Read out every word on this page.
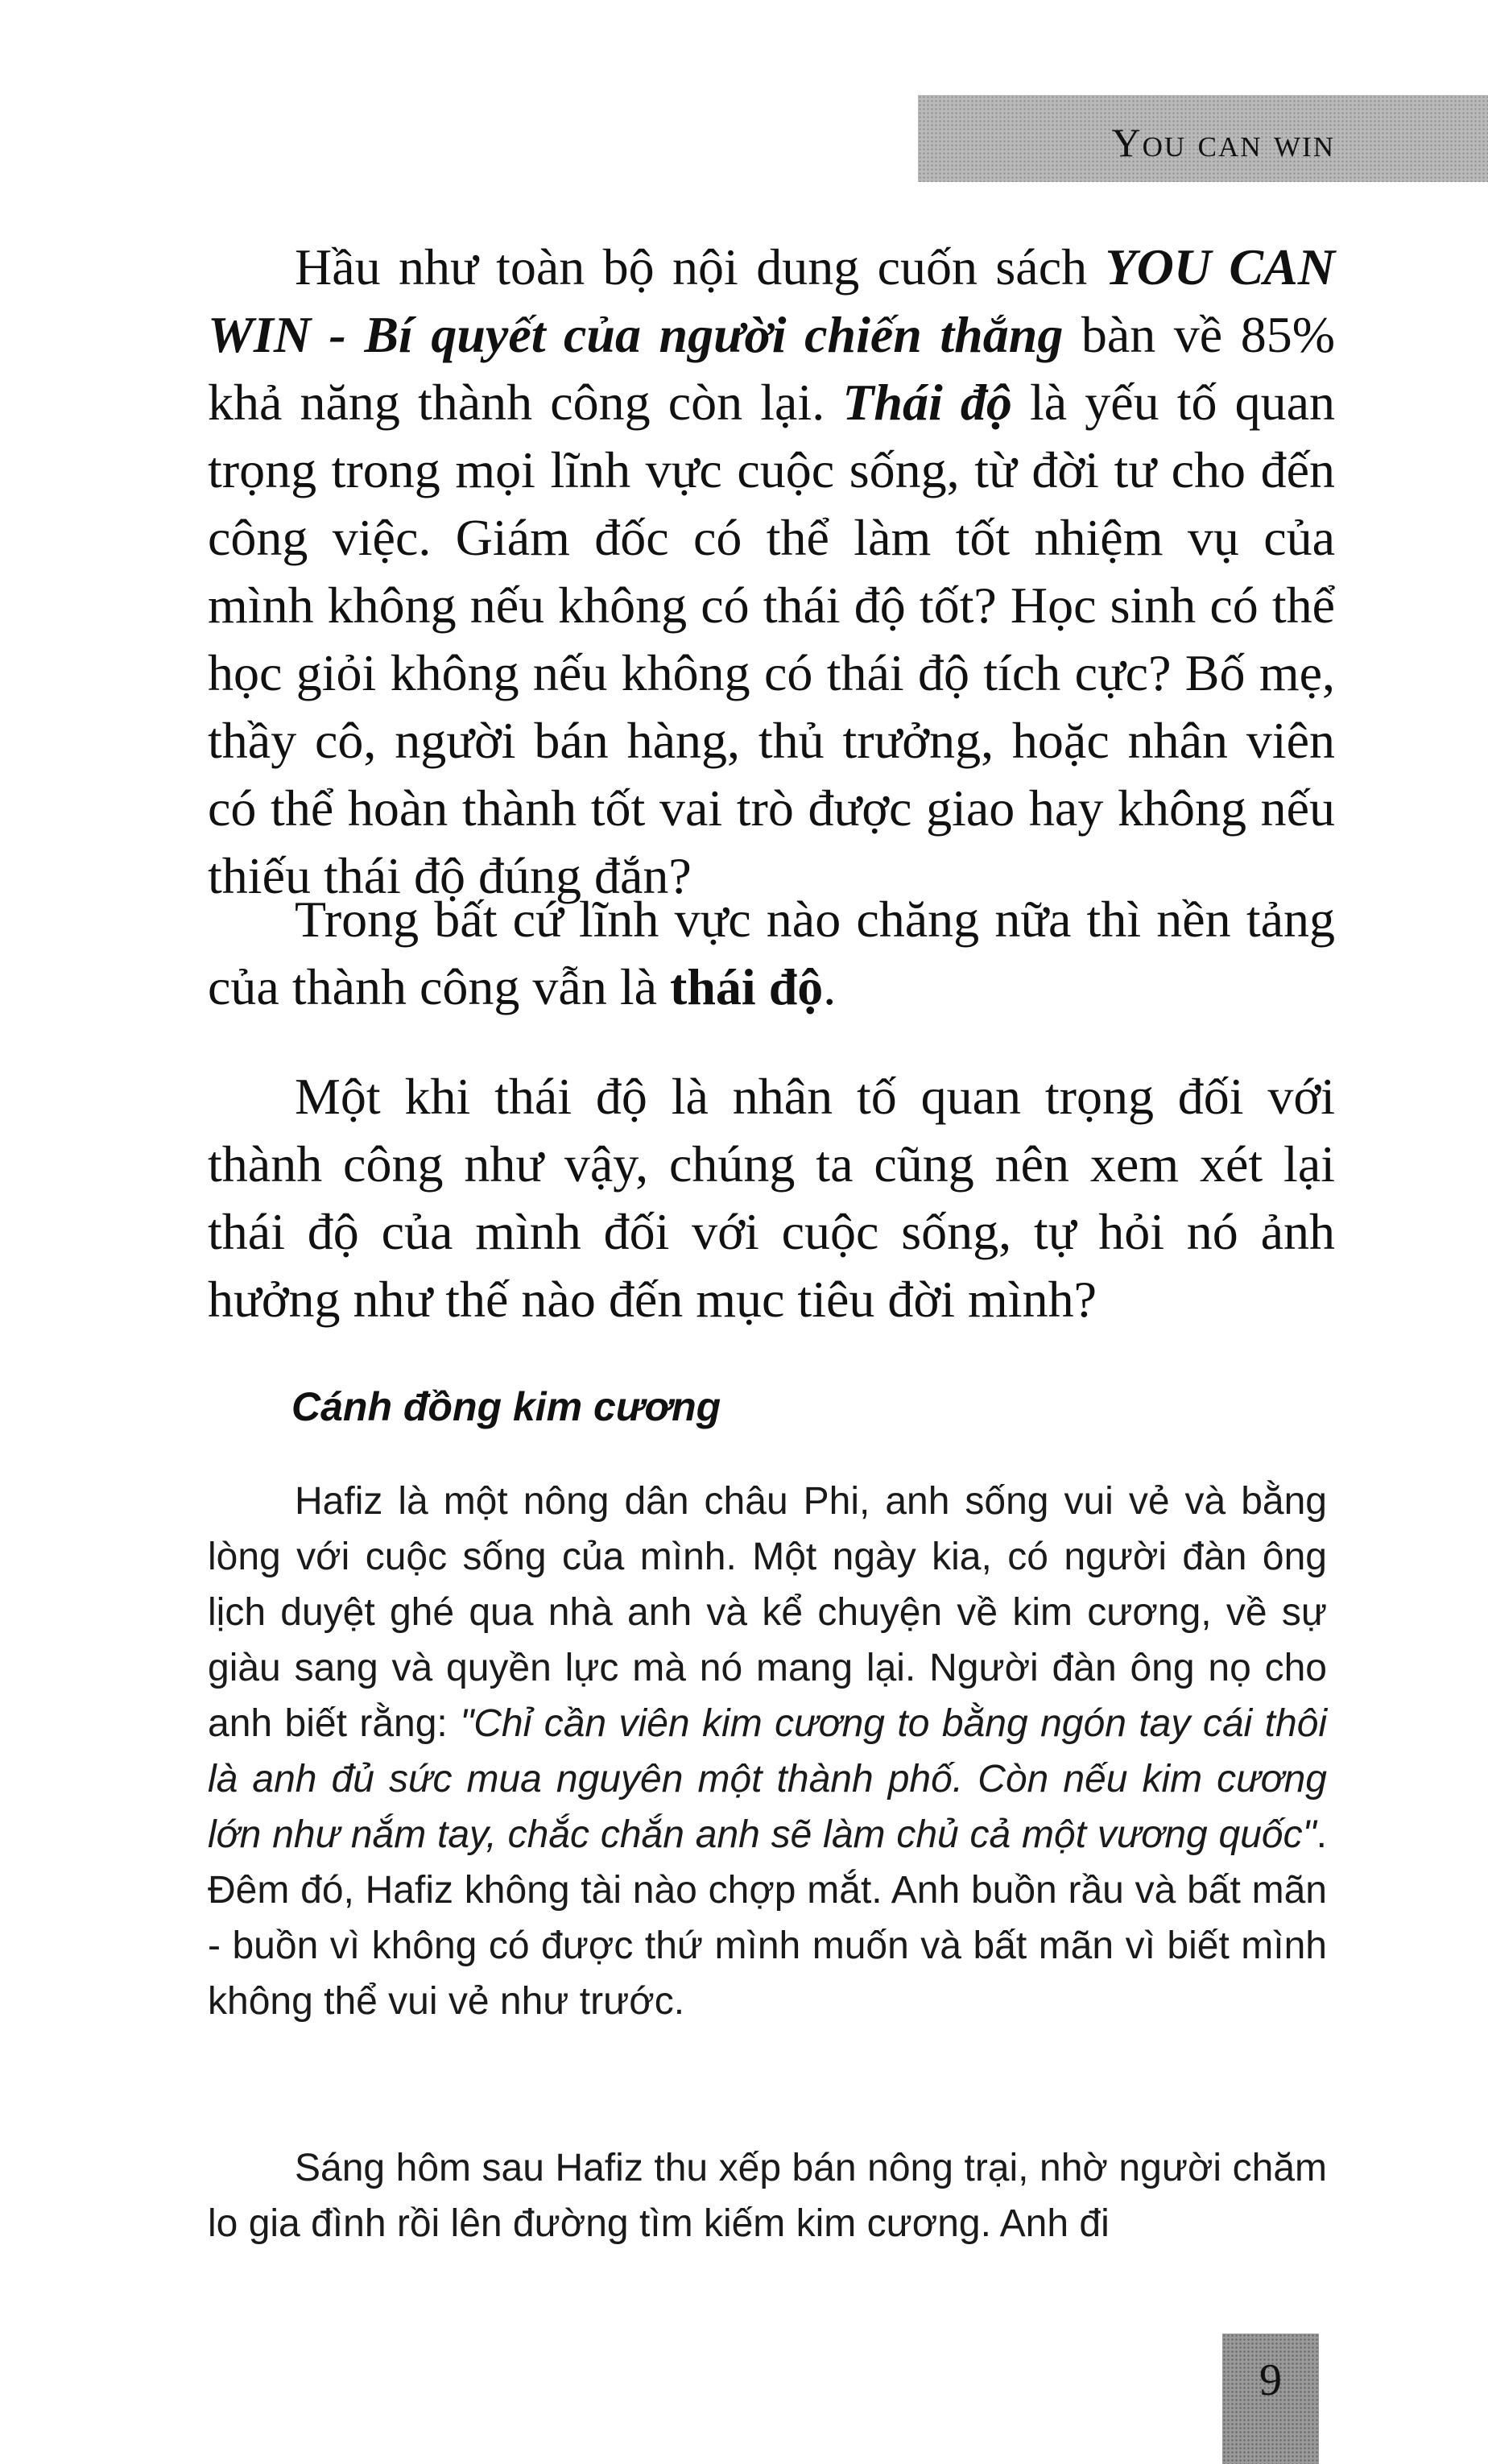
You can win

Hầu như toàn bộ nội dung cuốn sách YOU CAN WIN - Bí quyết của người chiến thắng bàn về 85% khả năng thành công còn lại. Thái độ là yếu tố quan trọng trong mọi lĩnh vực cuộc sống, từ đời tư cho đến công việc. Giám đốc có thể làm tốt nhiệm vụ của mình không nếu không có thái độ tốt? Học sinh có thể học giỏi không nếu không có thái độ tích cực? Bố mẹ, thầy cô, người bán hàng, thủ trưởng, hoặc nhân viên có thể hoàn thành tốt vai trò được giao hay không nếu thiếu thái độ đúng đắn?

Trong bất cứ lĩnh vực nào chăng nữa thì nền tảng của thành công vẫn là thái độ.

Một khi thái độ là nhân tố quan trọng đối với thành công như vậy, chúng ta cũng nên xem xét lại thái độ của mình đối với cuộc sống, tự hỏi nó ảnh hưởng như thế nào đến mục tiêu đời mình?

Cánh đồng kim cương

Hafiz là một nông dân châu Phi, anh sống vui vẻ và bằng lòng với cuộc sống của mình. Một ngày kia, có người đàn ông lịch duyệt ghé qua nhà anh và kể chuyện về kim cương, về sự giàu sang và quyền lực mà nó mang lại. Người đàn ông nọ cho anh biết rằng: "Chỉ cần viên kim cương to bằng ngón tay cái thôi là anh đủ sức mua nguyên một thành phố. Còn nếu kim cương lớn như nắm tay, chắc chắn anh sẽ làm chủ cả một vương quốc". Đêm đó, Hafiz không tài nào chợp mắt. Anh buồn rầu và bất mãn - buồn vì không có được thứ mình muốn và bất mãn vì biết mình không thể vui vẻ như trước.

Sáng hôm sau Hafiz thu xếp bán nông trại, nhờ người chăm lo gia đình rồi lên đường tìm kiếm kim cương. Anh đi

9
